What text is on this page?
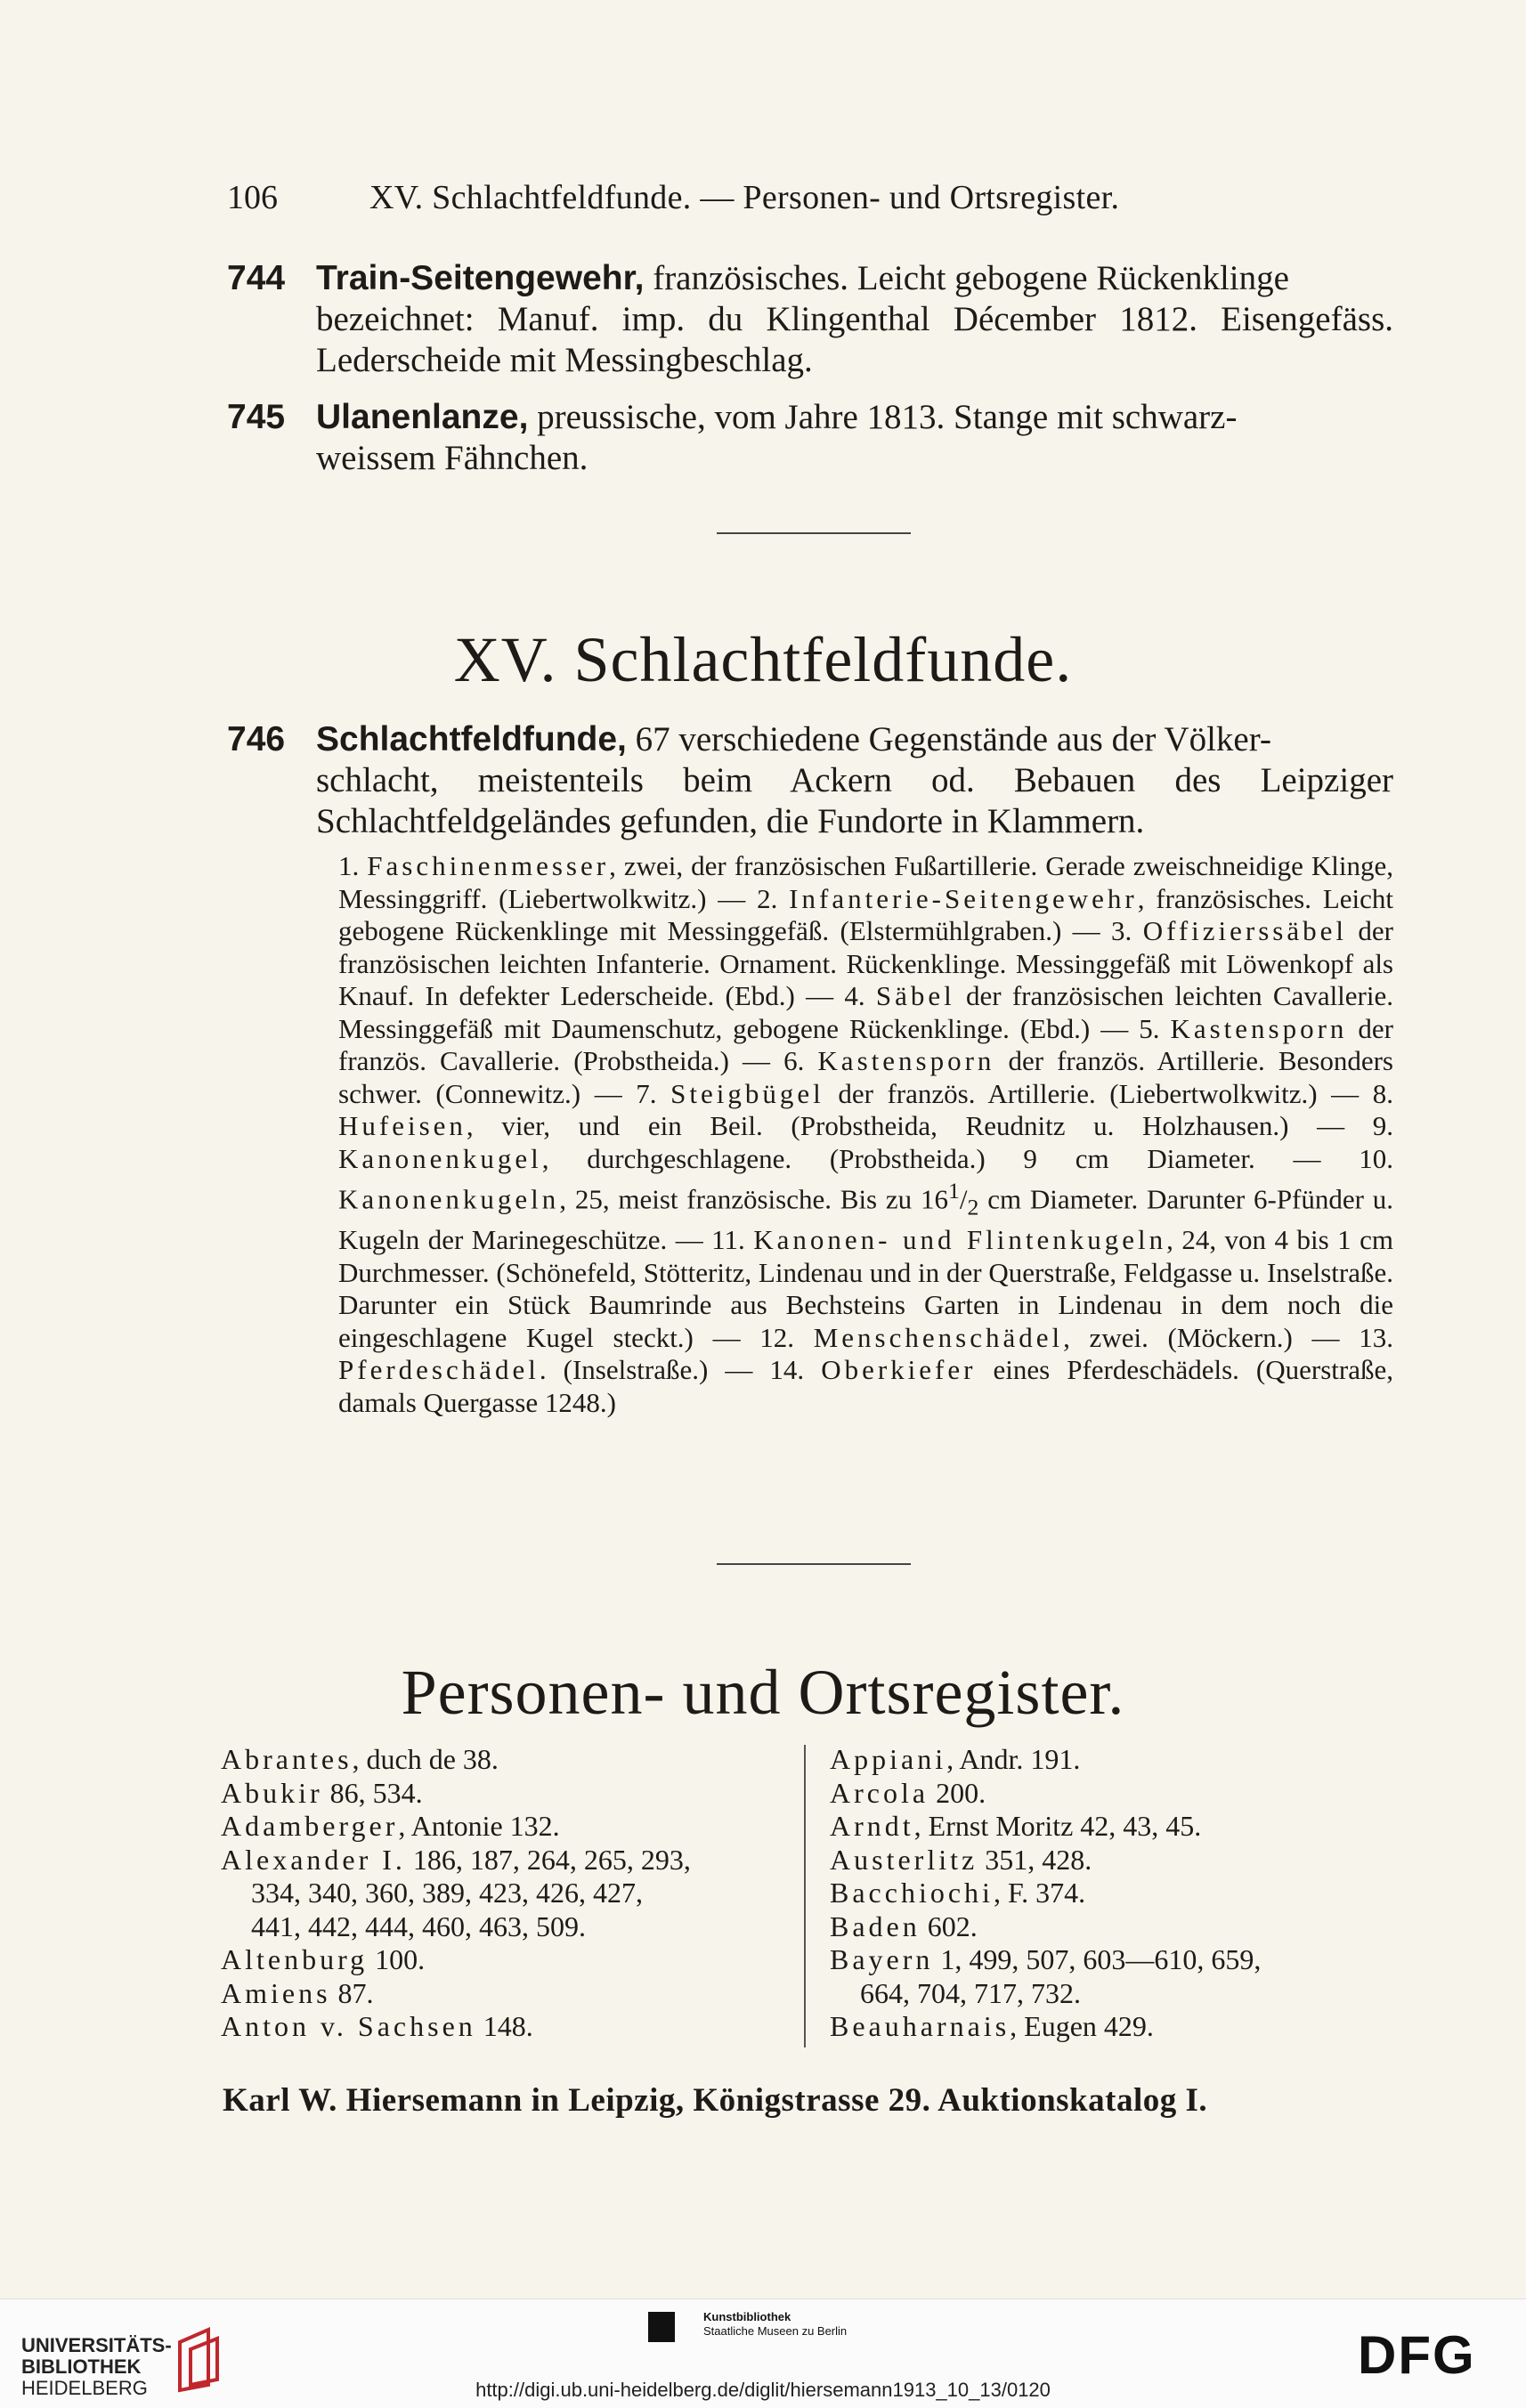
106	XV. Schlachtfeldfunde. — Personen- und Ortsregister.
744 Train-Seitengewehr, französisches. Leicht gebogene Rückenklinge
bezeichnet: Manuf. imp. du Klingenthal Décember 1812. Eisengefäss. Lederscheide mit Messingbeschlag.
745 Ulanenlanze, preussische, vom Jahre 1813. Stange mit schwarz-
weissem Fähnchen.
XV. Schlachtfeldfunde.
746 Schlachtfeldfunde, 67 verschiedene Gegenstände aus der Völker-
schlacht, meistenteils beim Ackern od. Bebauen des Leipziger Schlachtfeldgeländes gefunden, die Fundorte in Klammern.
1. Faschinenmesser, zwei, der französischen Fußartillerie. Gerade zweischneidige Klinge, Messinggriff. (Liebertwolkwitz.) — 2. Infanterie-Seitengewehr, französisches. Leicht gebogene Rückenklinge mit Messinggefäß. (Elstermühlgraben.) — 3. Offizierssäbel der französischen leichten Infanterie. Ornament. Rückenklinge. Messinggefäß mit Löwenkopf als Knauf. In defekter Lederscheide. (Ebd.) — 4. Säbel der französischen leichten Cavallerie. Messinggefäß mit Daumenschutz, gebogene Rückenklinge. (Ebd.) — 5. Kastensporn der französ. Cavallerie. (Probstheida.) — 6. Kastensporn der französ. Artillerie. Besonders schwer. (Connewitz.) — 7. Steigbügel der französ. Artillerie. (Liebertwolkwitz.) — 8. Hufeisen, vier, und ein Beil. (Probstheida, Reudnitz u. Holzhausen.) — 9. Kanonenkugel, durchgeschlagene. (Probstheida.) 9 cm Diameter. — 10. Kanonenkugeln, 25, meist französische. Bis zu $16^1/_2$ cm Diameter. Darunter 6-Pfünder u. Kugeln der Marinegeschütze. — 11. Kanonen- und Flintenkugeln, 24, von 4 bis 1 cm Durchmesser. (Schönefeld, Stötteritz, Lindenau und in der Querstraße, Feldgasse u. Inselstraße. Darunter ein Stück Baumrinde aus Bechsteins Garten in Lindenau in dem noch die eingeschlagene Kugel steckt.) — 12. Menschenschädel, zwei. (Möckern.) — 13. Pferdeschädel. (Inselstraße.) — 14. Oberkiefer eines Pferdeschädels. (Querstraße, damals Quergasse 1248.)
Personen- und Ortsregister.
Abrantes, duch de 38.
Abukir 86, 534.
Adamberger, Antonie 132.
Alexander I. 186, 187, 264, 265, 293,
334, 340, 360, 389, 423, 426, 427,
441, 442, 444, 460, 463, 509.
Altenburg 100.
Amiens 87.
Anton v. Sachsen 148.
Appiani, Andr. 191.
Arcola 200.
Arndt, Ernst Moritz 42, 43, 45.
Austerlitz 351, 428.
Bacchiochi, F. 374.
Baden 602.
Bayern 1, 499, 507, 603—610, 659,
664, 704, 717, 732.
Beauharnais, Eugen 429.
Karl W. Hiersemann in Leipzig, Königstrasse 29. Auktionskatalog I.
UNIVERSITÄTS-
BIBLIOTHEK
HEIDELBERG
Kunstbibliothek
Staatliche Museen zu Berlin	DFG
http://digi.ub.uni-heidelberg.de/diglit/hiersemann1913_10_13/0120
